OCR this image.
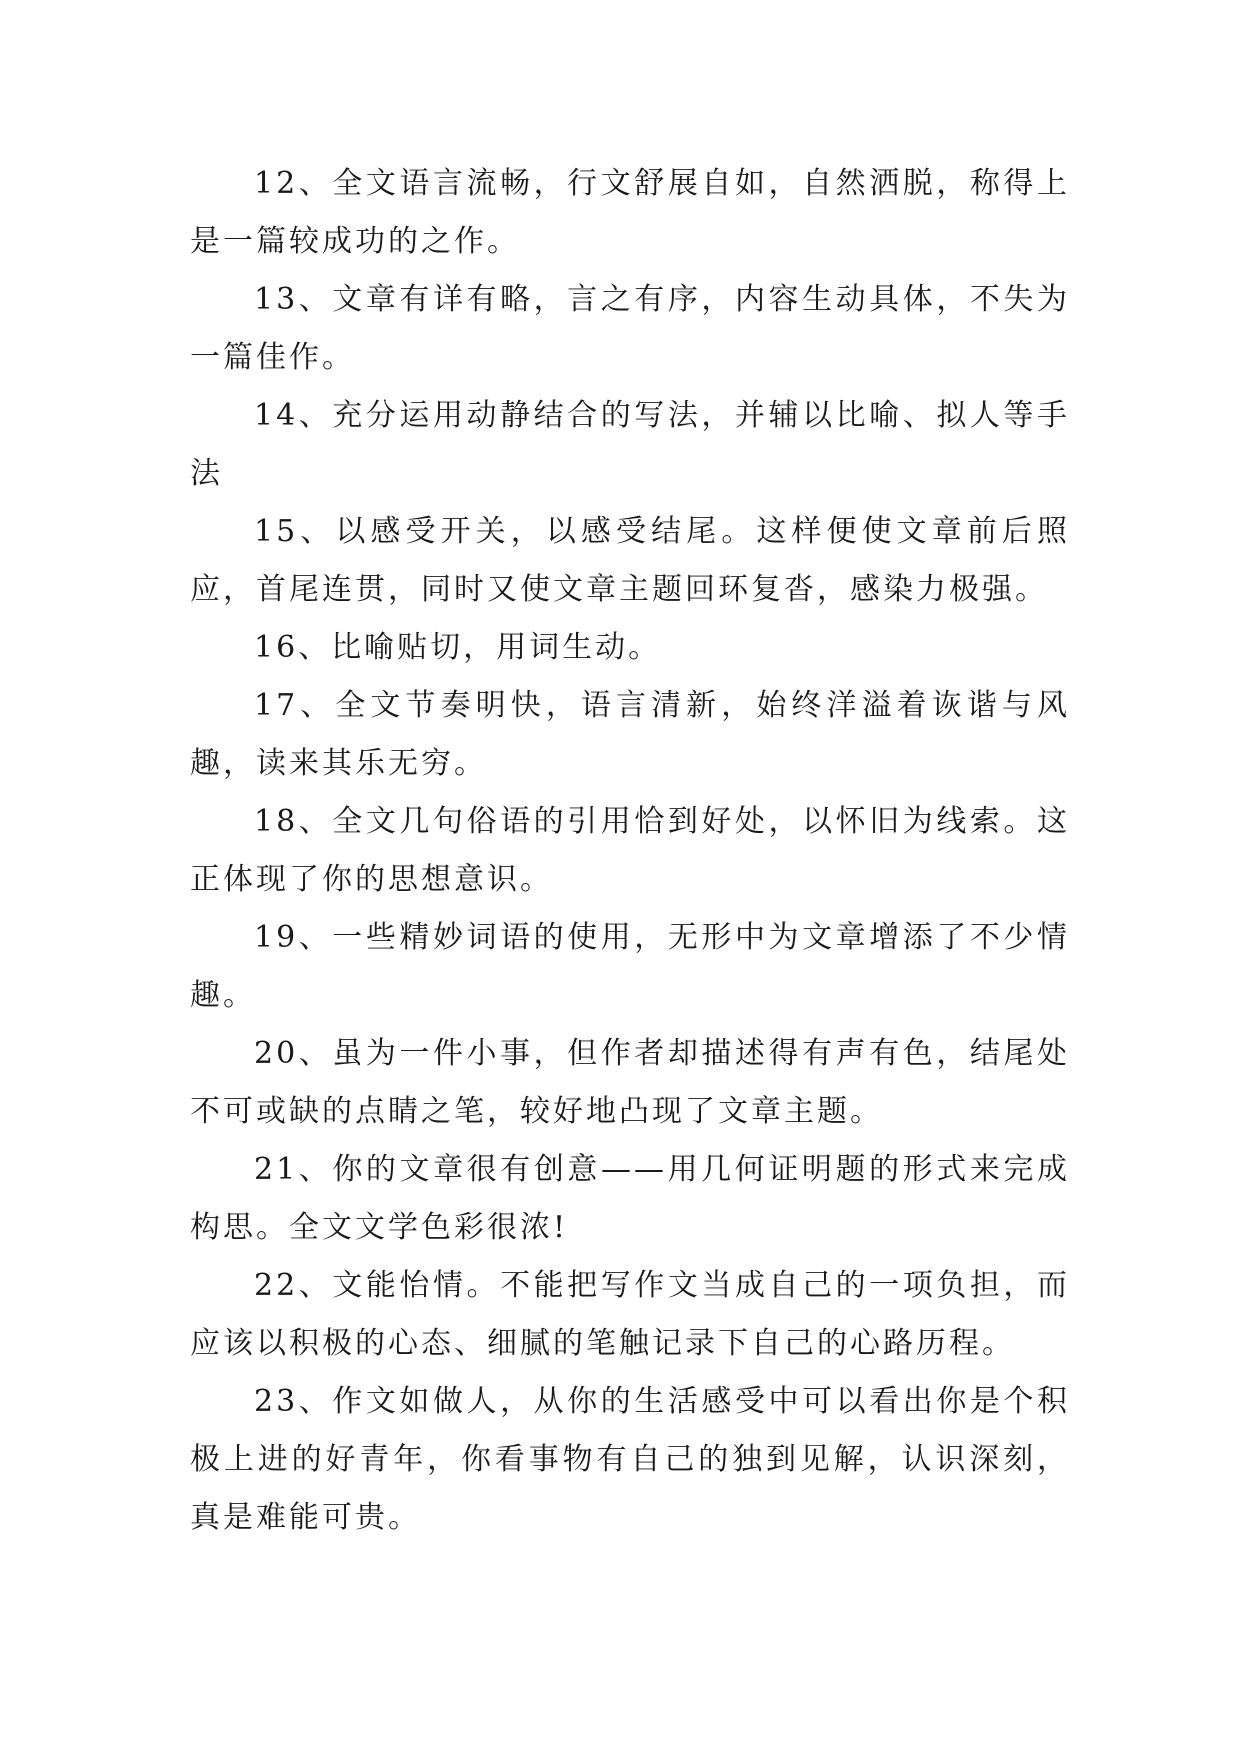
12、全文语言流畅，行文舒展自如，自然洒脱，称得上是一篇较成功的之作。

13、文章有详有略，言之有序，内容生动具体，不失为一篇佳作。

14、充分运用动静结合的写法，并辅以比喻、拟人等手法

15、以感受开关，以感受结尾。这样便使文章前后照应，首尾连贯，同时又使文章主题回环复沓，感染力极强。

16、比喻贴切，用词生动。

17、全文节奏明快，语言清新，始终洋溢着诙谐与风趣，读来其乐无穷。

18、全文几句俗语的引用恰到好处，以怀旧为线索。这正体现了你的思想意识。

19、一些精妙词语的使用，无形中为文章增添了不少情趣。

20、虽为一件小事，但作者却描述得有声有色，结尾处不可或缺的点睛之笔，较好地凸现了文章主题。

21、你的文章很有创意——用几何证明题的形式来完成构思。全文文学色彩很浓!

22、文能怡情。不能把写作文当成自己的一项负担，而应该以积极的心态、细腻的笔触记录下自己的心路历程。

23、作文如做人，从你的生活感受中可以看出你是个积极上进的好青年，你看事物有自己的独到见解，认识深刻，真是难能可贵。
